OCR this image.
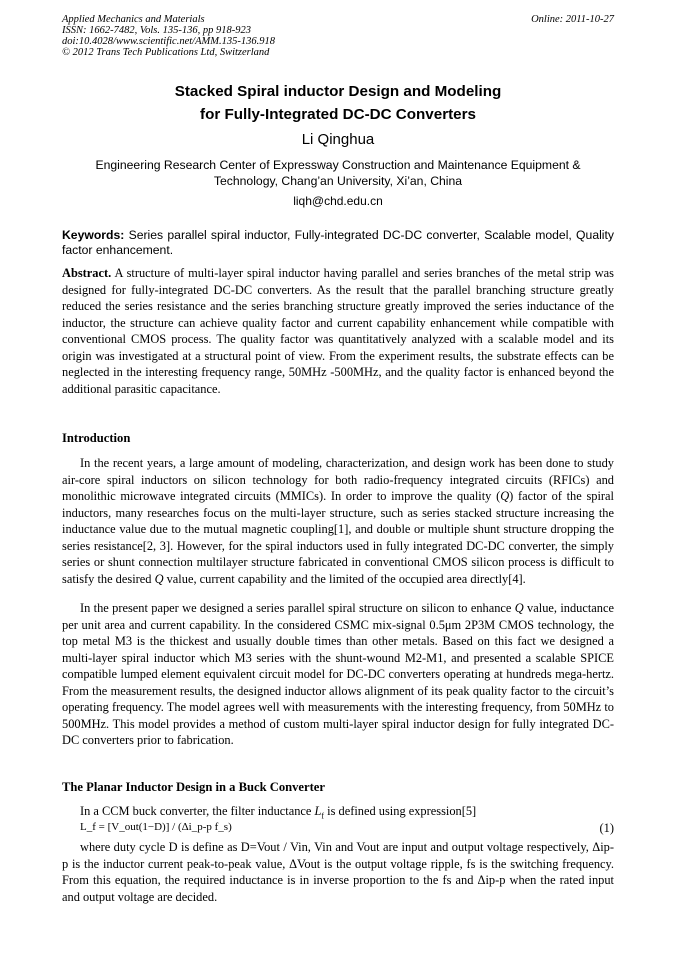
Applied Mechanics and Materials
ISSN: 1662-7482, Vols. 135-136, pp 918-923
doi:10.4028/www.scientific.net/AMM.135-136.918
© 2012 Trans Tech Publications Ltd, Switzerland
Online: 2011-10-27
Stacked Spiral inductor Design and Modeling
for Fully-Integrated DC-DC Converters
Li Qinghua
Engineering Research Center of Expressway Construction and Maintenance Equipment &
Technology, Chang’an University, Xi’an, China
liqh@chd.edu.cn
Keywords: Series parallel spiral inductor, Fully-integrated DC-DC converter, Scalable model, Quality factor enhancement.
Abstract. A structure of multi-layer spiral inductor having parallel and series branches of the metal strip was designed for fully-integrated DC-DC converters. As the result that the parallel branching structure greatly reduced the series resistance and the series branching structure greatly improved the series inductance of the inductor, the structure can achieve quality factor and current capability enhancement while compatible with conventional CMOS process. The quality factor was quantitatively analyzed with a scalable model and its origin was investigated at a structural point of view. From the experiment results, the substrate effects can be neglected in the interesting frequency range, 50MHz -500MHz, and the quality factor is enhanced beyond the additional parasitic capacitance.
Introduction

In the recent years, a large amount of modeling, characterization, and design work has been done to study air-core spiral inductors on silicon technology for both radio-frequency integrated circuits (RFICs) and monolithic microwave integrated circuits (MMICs). In order to improve the quality (Q) factor of the spiral inductors, many researches focus on the multi-layer structure, such as series stacked structure increasing the inductance value due to the mutual magnetic coupling[1], and double or multiple shunt structure dropping the series resistance[2, 3]. However, for the spiral inductors used in fully integrated DC-DC converter, the simply series or shunt connection multilayer structure fabricated in conventional CMOS silicon process is difficult to satisfy the desired Q value, current capability and the limited of the occupied area directly[4].

In the present paper we designed a series parallel spiral structure on silicon to enhance Q value, inductance per unit area and current capability. In the considered CSMC mix-signal 0.5μm 2P3M CMOS technology, the top metal M3 is the thickest and usually double times than other metals. Based on this fact we designed a multi-layer spiral inductor which M3 series with the shunt-wound M2-M1, and presented a scalable SPICE compatible lumped element equivalent circuit model for DC-DC converters operating at hundreds mega-hertz. From the measurement results, the designed inductor allows alignment of its peak quality factor to the circuit’s operating frequency. The model agrees well with measurements with the interesting frequency, from 50MHz to 500MHz. This model provides a method of custom multi-layer spiral inductor design for fully integrated DC-DC converters prior to fabrication.

The Planar Inductor Design in a Buck Converter

In a CCM buck converter, the filter inductance $L_f$ is defined using expression[5]

L_f = [V_out(1−D)] / (Δi_p-p f_s)	(1)

where duty cycle D is define as D=Vout / Vin, Vin and Vout are input and output voltage respectively, Δip-p is the inductor current peak-to-peak value, ΔVout is the output voltage ripple, fs is the switching frequency. From this equation, the required inductance is in inverse proportion to the fs and Δip-p when the rated input and output voltage are decided.
